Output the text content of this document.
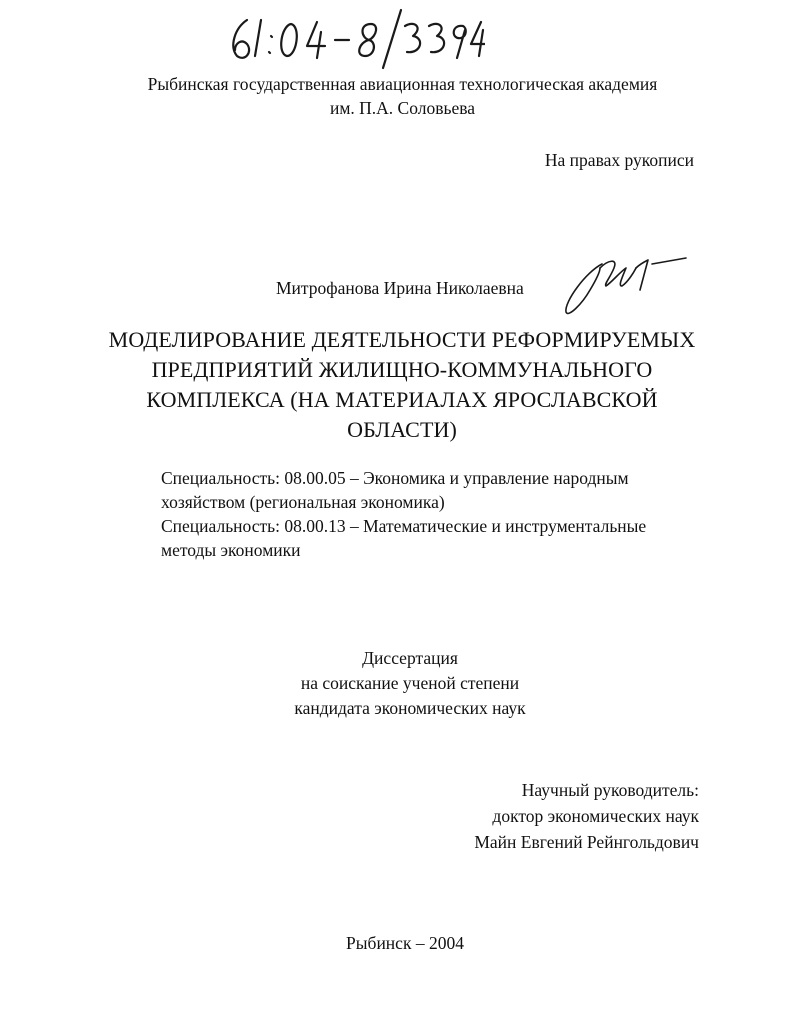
Рыбинская государственная авиационная технологическая академия
им. П.А. Соловьева
На правах рукописи
Митрофанова Ирина Николаевна
МОДЕЛИРОВАНИЕ ДЕЯТЕЛЬНОСТИ РЕФОРМИРУЕМЫХ
ПРЕДПРИЯТИЙ ЖИЛИЩНО-КОММУНАЛЬНОГО
КОМПЛЕКСА (НА МАТЕРИАЛАХ ЯРОСЛАВСКОЙ ОБЛАСТИ)
Специальность: 08.00.05 – Экономика и управление народным
хозяйством (региональная экономика)
Специальность: 08.00.13 – Математические и инструментальные
методы экономики
Диссертация
на соискание ученой степени
кандидата экономических наук
Научный руководитель:
доктор экономических наук
Майн Евгений Рейнгольдович
Рыбинск – 2004
